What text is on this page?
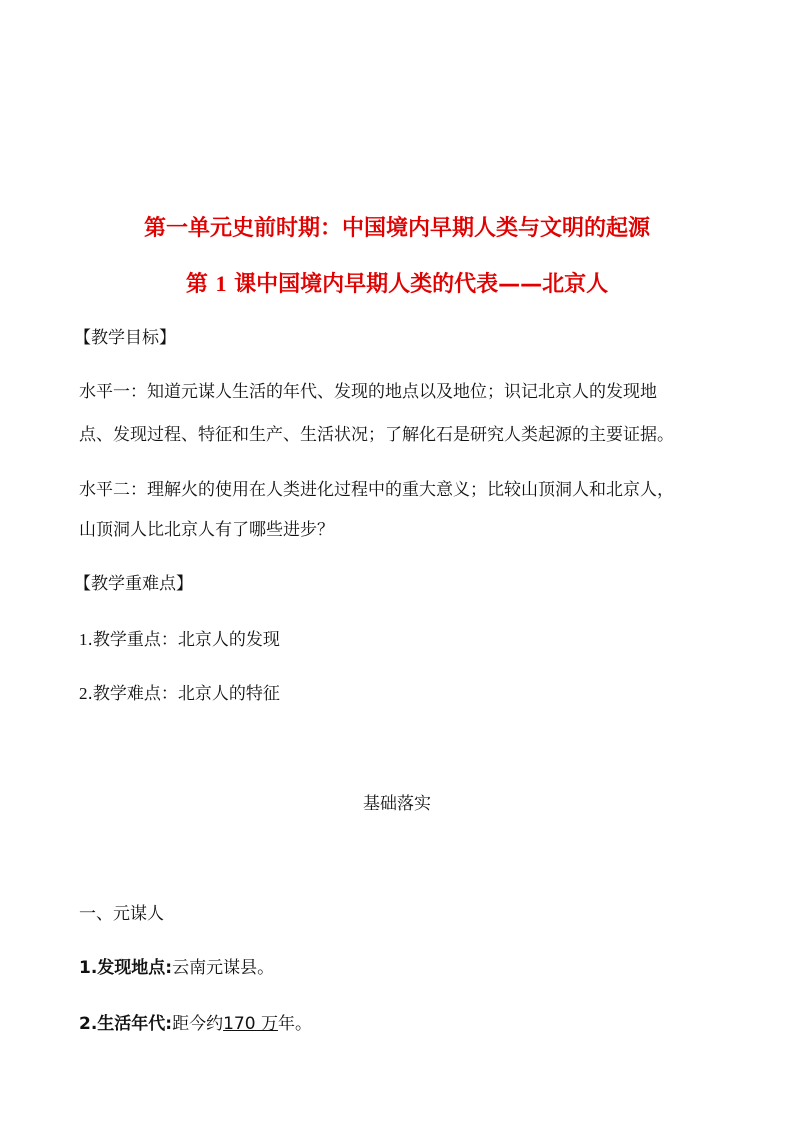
第一单元史前时期：中国境内早期人类与文明的起源
第 1 课中国境内早期人类的代表——北京人
【教学目标】
水平一：知道元谋人生活的年代、发现的地点以及地位；识记北京人的发现地
点、发现过程、特征和生产、生活状况；了解化石是研究人类起源的主要证据。
水平二：理解火的使用在人类进化过程中的重大意义；比较山顶洞人和北京人，
山顶洞人比北京人有了哪些进步？
【教学重难点】
1.教学重点：北京人的发现
2.教学难点：北京人的特征
基础落实
一、元谋人
1.发现地点:云南元谋县。
2.生活年代:距今约170 万年。
